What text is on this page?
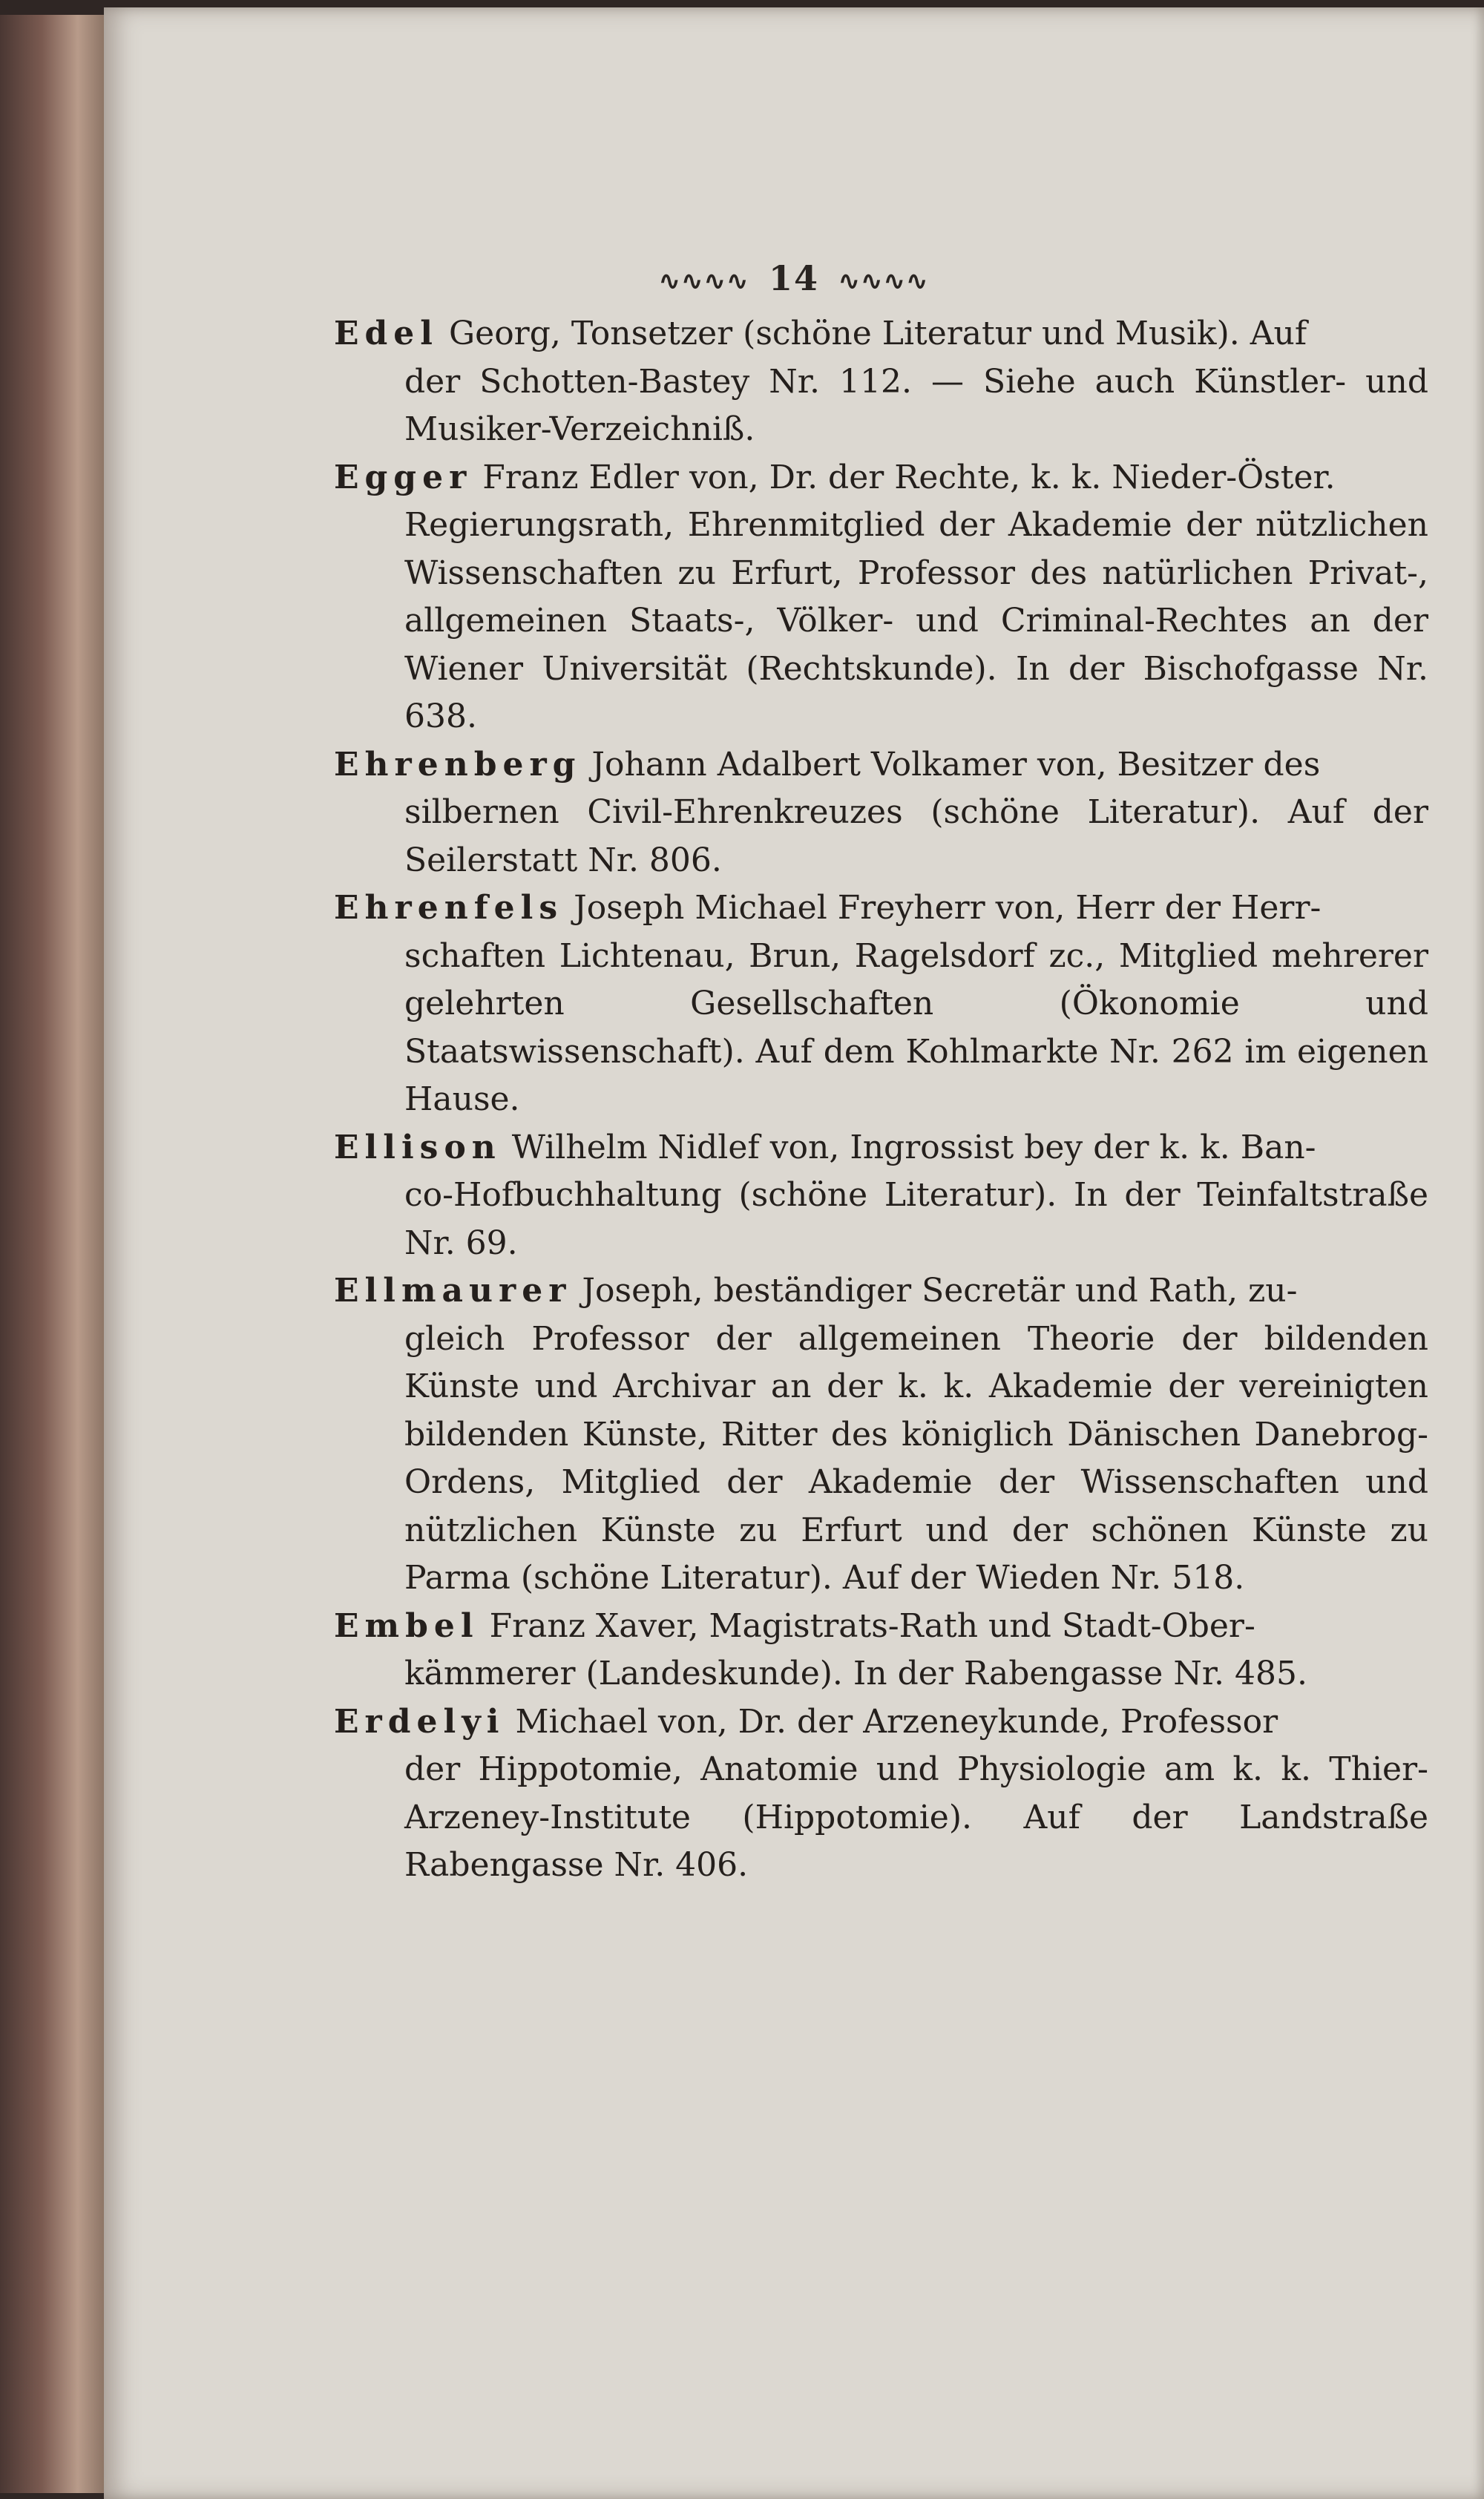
∿∿∿∿ 14 ∿∿∿∿
Edel Georg, Tonsetzer (schöne Literatur und Musik). Auf
der Schotten-Bastey Nr. 112. — Siehe auch Künstler- und Musiker-Verzeichniß.
Egger Franz Edler von, Dr. der Rechte, k. k. Nieder-Öster.
Regierungsrath, Ehrenmitglied der Akademie der nützlichen Wissenschaften zu Erfurt, Professor des natürlichen Privat-, allgemeinen Staats-, Völker- und Criminal-Rechtes an der Wiener Universität (Rechtskunde). In der Bischofgasse Nr. 638.
Ehrenberg Johann Adalbert Volkamer von, Besitzer des
silbernen Civil-Ehrenkreuzes (schöne Literatur). Auf der Seilerstatt Nr. 806.
Ehrenfels Joseph Michael Freyherr von, Herr der Herr-
schaften Lichtenau, Brun, Ragelsdorf zc., Mitglied mehrerer gelehrten Gesellschaften (Ökonomie und Staatswissenschaft). Auf dem Kohlmarkte Nr. 262 im eigenen Hause.
Ellison Wilhelm Nidlef von, Ingrossist bey der k. k. Ban-
co-Hofbuchhaltung (schöne Literatur). In der Teinfaltstraße Nr. 69.
Ellmaurer Joseph, beständiger Secretär und Rath, zu-
gleich Professor der allgemeinen Theorie der bildenden Künste und Archivar an der k. k. Akademie der vereinigten bildenden Künste, Ritter des königlich Dänischen Danebrog-Ordens, Mitglied der Akademie der Wissenschaften und nützlichen Künste zu Erfurt und der schönen Künste zu Parma (schöne Literatur). Auf der Wieden Nr. 518.
Embel Franz Xaver, Magistrats-Rath und Stadt-Ober-
kämmerer (Landeskunde). In der Rabengasse Nr. 485.
Erdelyi Michael von, Dr. der Arzeneykunde, Professor
der Hippotomie, Anatomie und Physiologie am k. k. Thier-Arzeney-Institute (Hippotomie). Auf der Landstraße Rabengasse Nr. 406.
